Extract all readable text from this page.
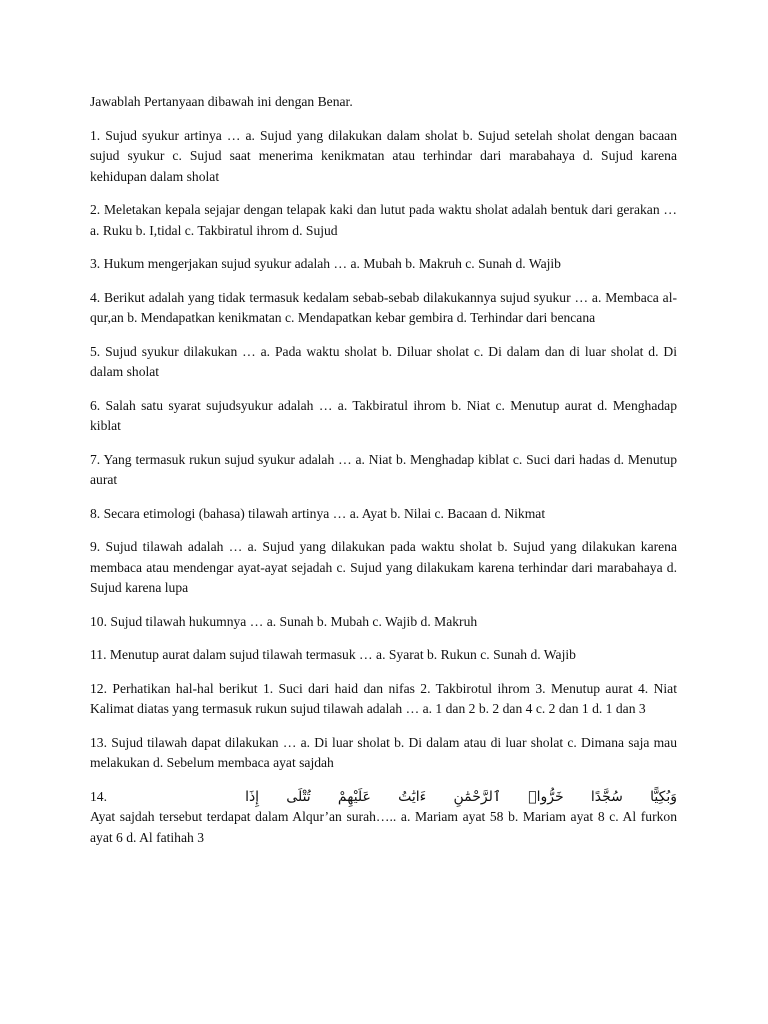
Jawablah Pertanyaan dibawah ini dengan Benar.

1. Sujud syukur artinya … a. Sujud yang dilakukan dalam sholat b. Sujud setelah sholat dengan bacaan sujud syukur c. Sujud saat menerima kenikmatan atau terhindar dari marabahaya d. Sujud karena kehidupan dalam sholat

2. Meletakan kepala sejajar dengan telapak kaki dan lutut pada waktu sholat adalah bentuk dari gerakan … a. Ruku b. I,tidal c. Takbiratul ihrom d. Sujud

3. Hukum mengerjakan sujud syukur adalah … a. Mubah b. Makruh c. Sunah d. Wajib

4. Berikut adalah yang tidak termasuk kedalam sebab-sebab dilakukannya sujud syukur … a. Membaca al-qur,an b. Mendapatkan kenikmatan c. Mendapatkan kebar gembira d. Terhindar dari bencana

5. Sujud syukur dilakukan … a. Pada waktu sholat b. Diluar sholat c. Di dalam dan di luar sholat d. Di dalam sholat

6. Salah satu syarat sujudsyukur adalah … a. Takbiratul ihrom b. Niat c. Menutup aurat d. Menghadap kiblat

7. Yang termasuk rukun sujud syukur adalah … a. Niat b. Menghadap kiblat c. Suci dari hadas d. Menutup aurat

8. Secara etimologi (bahasa) tilawah artinya … a. Ayat b. Nilai c. Bacaan d. Nikmat

9. Sujud tilawah adalah … a. Sujud yang dilakukan pada waktu sholat b. Sujud yang dilakukan karena membaca atau mendengar ayat-ayat sejadah c. Sujud yang dilakukam karena terhindar dari marabahaya d. Sujud karena lupa

10. Sujud tilawah hukumnya … a. Sunah b. Mubah c. Wajib d. Makruh

11. Menutup aurat dalam sujud tilawah termasuk … a. Syarat b. Rukun c. Sunah d. Wajib

12. Perhatikan hal-hal berikut 1. Suci dari haid dan nifas 2. Takbirotul ihrom 3. Menutup aurat 4. Niat Kalimat diatas yang termasuk rukun sujud tilawah adalah … a. 1 dan 2 b. 2 dan 4 c. 2 dan 1 d. 1 dan 3

13. Sujud tilawah dapat dilakukan … a. Di luar sholat b. Di dalam atau di luar sholat c. Dimana saja mau melakukan d. Sebelum membaca ayat sajdah

14.	إِذَا تُتْلَى عَلَيْهِمْ ءَايَٰتُ ٱلرَّحْمَٰنِ خَرُّوا۟ سُجَّدًا وَبُكِيًّا

Ayat sajdah tersebut terdapat dalam Alqur’an surah….. a. Mariam ayat 58 b. Mariam ayat 8 c. Al furkon ayat 6 d. Al fatihah 3
